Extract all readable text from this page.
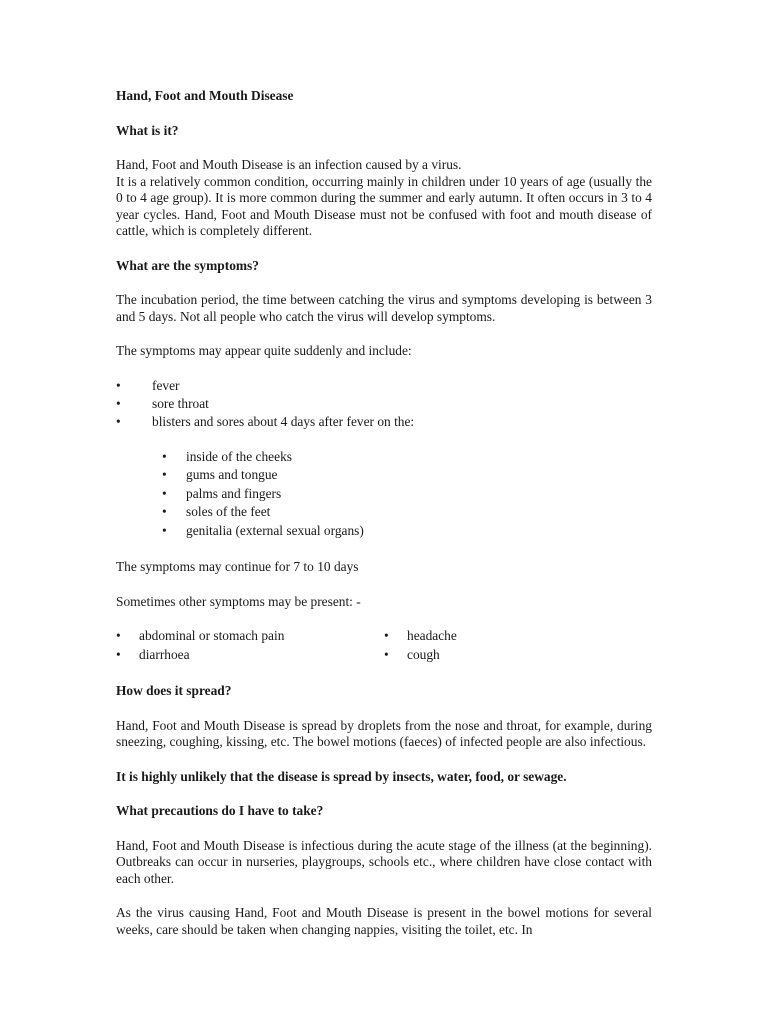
Hand, Foot and Mouth Disease

What is it?

Hand, Foot and Mouth Disease is an infection caused by a virus.

It is a relatively common condition, occurring mainly in children under 10 years of age (usually the 0 to 4 age group). It is more common during the summer and early autumn. It often occurs in 3 to 4 year cycles. Hand, Foot and Mouth Disease must not be confused with foot and mouth disease of cattle, which is completely different.

What are the symptoms?

The incubation period, the time between catching the virus and symptoms developing is between 3 and 5 days. Not all people who catch the virus will develop symptoms.

The symptoms may appear quite suddenly and include:

• fever
• sore throat
• blisters and sores about 4 days after fever on the:
• inside of the cheeks
• gums and tongue
• palms and fingers
• soles of the feet
• genitalia (external sexual organs)

The symptoms may continue for 7 to 10 days

Sometimes other symptoms may be present: -

• abdominal or stomach pain
• diarrhoea
• headache
• cough

How does it spread?

Hand, Foot and Mouth Disease is spread by droplets from the nose and throat, for example, during sneezing, coughing, kissing, etc. The bowel motions (faeces) of infected people are also infectious.

It is highly unlikely that the disease is spread by insects, water, food, or sewage.

What precautions do I have to take?

Hand, Foot and Mouth Disease is infectious during the acute stage of the illness (at the beginning). Outbreaks can occur in nurseries, playgroups, schools etc., where children have close contact with each other.

As the virus causing Hand, Foot and Mouth Disease is present in the bowel motions for several weeks, care should be taken when changing nappies, visiting the toilet, etc. In
